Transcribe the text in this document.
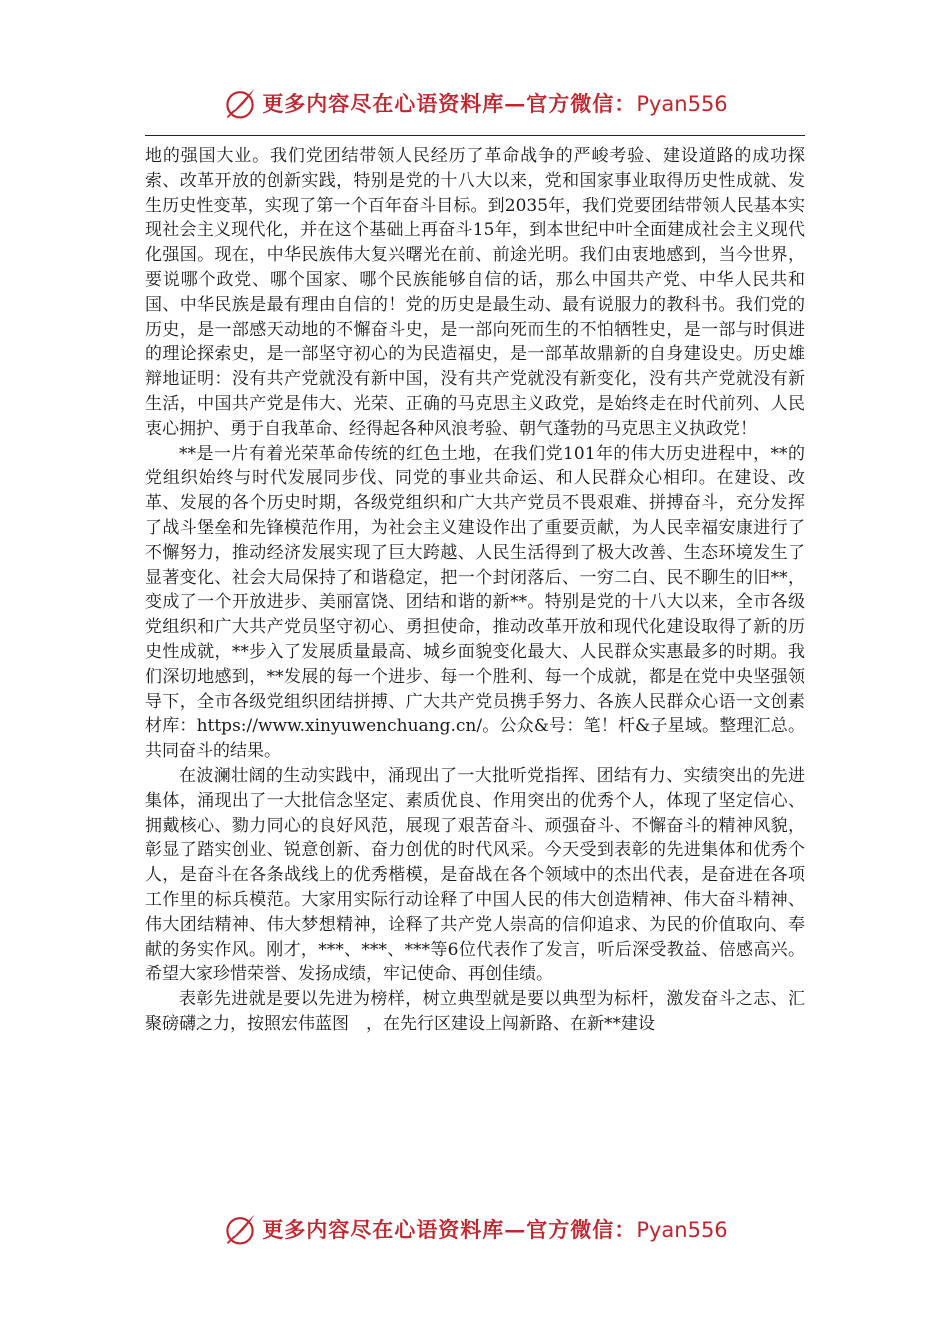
更多内容尽在心语资料库—官方微信：Pyan556

地的强国大业。我们党团结带领人民经历了革命战争的严峻考验、建设道路的成功探索、改革开放的创新实践，特别是党的十八大以来，党和国家事业取得历史性成就、发生历史性变革，实现了第一个百年奋斗目标。到2035年，我们党要团结带领人民基本实现社会主义现代化，并在这个基础上再奋斗15年，到本世纪中叶全面建成社会主义现代化强国。现在，中华民族伟大复兴曙光在前、前途光明。我们由衷地感到，当今世界，要说哪个政党、哪个国家、哪个民族能够自信的话，那么中国共产党、中华人民共和国、中华民族是最有理由自信的！党的历史是最生动、最有说服力的教科书。我们党的历史，是一部感天动地的不懈奋斗史，是一部向死而生的不怕牺牲史，是一部与时俱进的理论探索史，是一部坚守初心的为民造福史，是一部革故鼎新的自身建设史。历史雄辩地证明：没有共产党就没有新中国，没有共产党就没有新变化，没有共产党就没有新生活，中国共产党是伟大、光荣、正确的马克思主义政党，是始终走在时代前列、人民衷心拥护、勇于自我革命、经得起各种风浪考验、朝气蓬勃的马克思主义执政党！

**是一片有着光荣革命传统的红色土地，在我们党101年的伟大历史进程中，**的党组织始终与时代发展同步伐、同党的事业共命运、和人民群众心相印。在建设、改革、发展的各个历史时期，各级党组织和广大共产党员不畏艰难、拼搏奋斗，充分发挥了战斗堡垒和先锋模范作用，为社会主义建设作出了重要贡献，为人民幸福安康进行了不懈努力，推动经济发展实现了巨大跨越、人民生活得到了极大改善、生态环境发生了显著变化、社会大局保持了和谐稳定，把一个封闭落后、一穷二白、民不聊生的旧**，变成了一个开放进步、美丽富饶、团结和谐的新**。特别是党的十八大以来，全市各级党组织和广大共产党员坚守初心、勇担使命，推动改革开放和现代化建设取得了新的历史性成就，**步入了发展质量最高、城乡面貌变化最大、人民群众实惠最多的时期。我们深切地感到，**发展的每一个进步、每一个胜利、每一个成就，都是在党中央坚强领导下，全市各级党组织团结拼搏、广大共产党员携手努力、各族人民群众心语一文创素材库：https://www.xinyuwenchuang.cn/。公众&号：笔！杆&子星域。整理汇总。共同奋斗的结果。

在波澜壮阔的生动实践中，涌现出了一大批听党指挥、团结有力、实绩突出的先进集体，涌现出了一大批信念坚定、素质优良、作用突出的优秀个人，体现了坚定信心、拥戴核心、勠力同心的良好风范，展现了艰苦奋斗、顽强奋斗、不懈奋斗的精神风貌，彰显了踏实创业、锐意创新、奋力创优的时代风采。今天受到表彰的先进集体和优秀个人，是奋斗在各条战线上的优秀楷模，是奋战在各个领域中的杰出代表，是奋进在各项工作里的标兵模范。大家用实际行动诠释了中国人民的伟大创造精神、伟大奋斗精神、伟大团结精神、伟大梦想精神，诠释了共产党人崇高的信仰追求、为民的价值取向、奉献的务实作风。刚才，***、***、***等6位代表作了发言，听后深受教益、倍感高兴。希望大家珍惜荣誉、发扬成绩，牢记使命、再创佳绩。

表彰先进就是要以先进为榜样，树立典型就是要以典型为标杆，激发奋斗之志、汇聚磅礴之力，按照宏伟蓝图　，在先行区建设上闯新路、在新**建设

更多内容尽在心语资料库—官方微信：Pyan556
